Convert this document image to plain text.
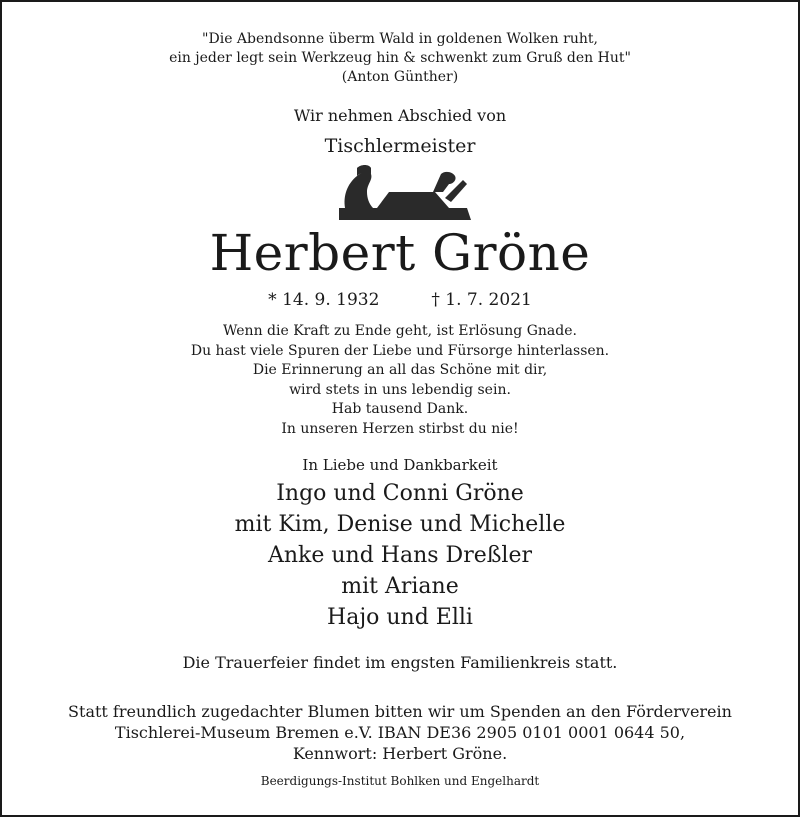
"Die Abendsonne überm Wald in goldenen Wolken ruht,
ein jeder legt sein Werkzeug hin & schwenkt zum Gruß den Hut"
(Anton Günther)
Wir nehmen Abschied von
Tischlermeister
Herbert Gröne
* 14. 9. 1932	† 1. 7. 2021
Wenn die Kraft zu Ende geht, ist Erlösung Gnade.
Du hast viele Spuren der Liebe und Fürsorge hinterlassen.
Die Erinnerung an all das Schöne mit dir,
wird stets in uns lebendig sein.
Hab tausend Dank.
In unseren Herzen stirbst du nie!
In Liebe und Dankbarkeit
Ingo und Conni Gröne
mit Kim, Denise und Michelle
Anke und Hans Dreßler
mit Ariane
Hajo und Elli
Die Trauerfeier findet im engsten Familienkreis statt.
Statt freundlich zugedachter Blumen bitten wir um Spenden an den Förderverein
Tischlerei-Museum Bremen e.V. IBAN DE36 2905 0101 0001 0644 50,
Kennwort: Herbert Gröne.
Beerdigungs-Institut Bohlken und Engelhardt
